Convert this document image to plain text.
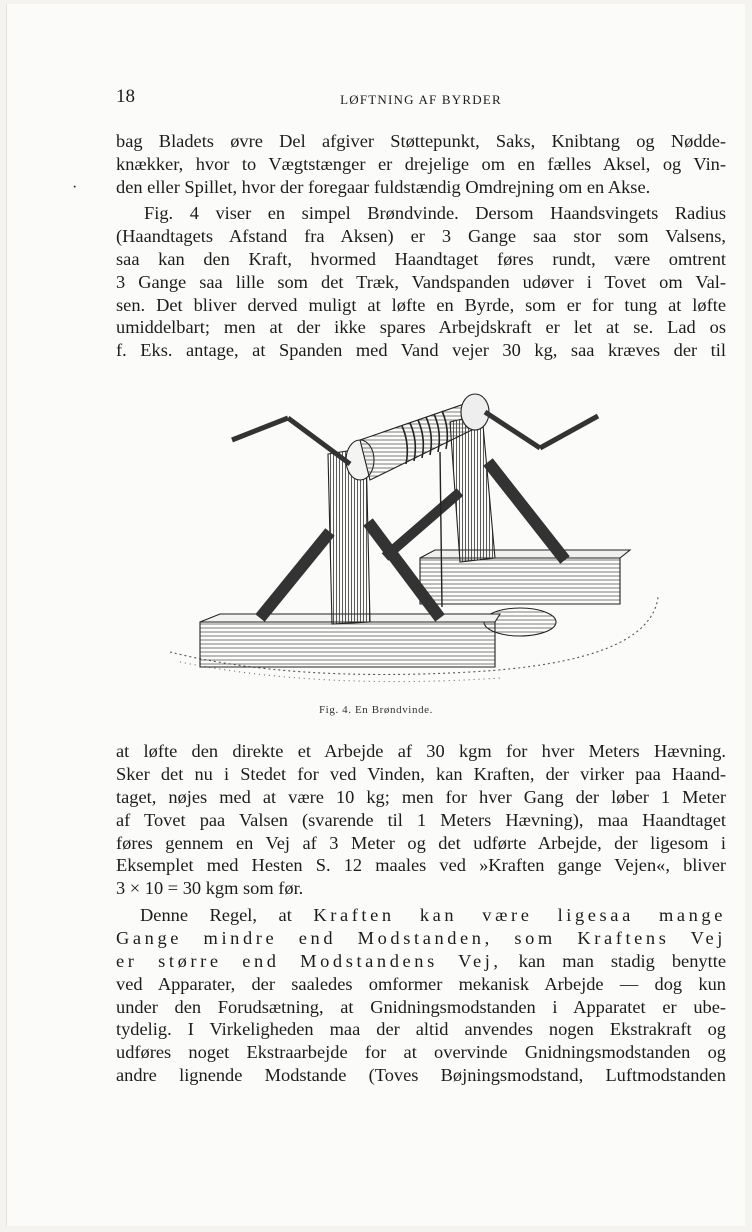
18	LØFTNING AF BYRDER
bag Bladets øvre Del afgiver Støttepunkt, Saks, Knibtang og Nødde-
knækker, hvor to Vægtstænger er drejelige om en fælles Aksel, og Vin-
den eller Spillet, hvor der foregaar fuldstændig Omdrejning om en Akse.
·
Fig. 4 viser en simpel Brøndvinde. Dersom Haandsvingets Radius
(Haandtagets Afstand fra Aksen) er 3 Gange saa stor som Valsens,
saa kan den Kraft, hvormed Haandtaget føres rundt, være omtrent
3 Gange saa lille som det Træk, Vandspanden udøver i Tovet om Val-
sen. Det bliver derved muligt at løfte en Byrde, som er for tung at løfte
umiddelbart; men at der ikke spares Arbejdskraft er let at se. Lad os
f. Eks. antage, at Spanden med Vand vejer 30 kg, saa kræves der til
Fig. 4. En Brøndvinde.
at løfte den direkte et Arbejde af 30 kgm for hver Meters Hævning.
Sker det nu i Stedet for ved Vinden, kan Kraften, der virker paa Haand-
taget, nøjes med at være 10 kg; men for hver Gang der løber 1 Meter
af Tovet paa Valsen (svarende til 1 Meters Hævning), maa Haandtaget
føres gennem en Vej af 3 Meter og det udførte Arbejde, der ligesom i
Eksemplet med Hesten S. 12 maales ved »Kraften gange Vejen«, bliver
3 × 10 = 30 kgm som før.
Denne Regel, at Kraften kan være ligesaa mange
Gange mindre end Modstanden, som Kraftens Vej
er større end Modstandens Vej, kan man stadig benytte
ved Apparater, der saaledes omformer mekanisk Arbejde — dog kun
under den Forudsætning, at Gnidningsmodstanden i Apparatet er ube-
tydelig. I Virkeligheden maa der altid anvendes nogen Ekstrakraft og
udføres noget Ekstraarbejde for at overvinde Gnidningsmodstanden og
andre lignende Modstande (Toves Bøjningsmodstand, Luftmodstanden
